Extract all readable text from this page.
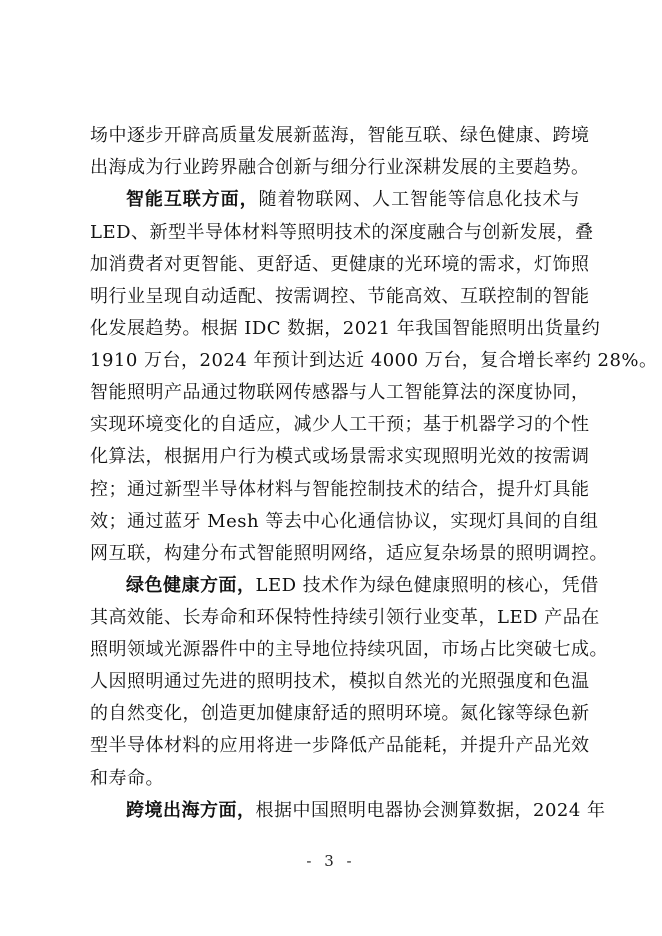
场中逐步开辟高质量发展新蓝海，智能互联、绿色健康、跨境
出海成为行业跨界融合创新与细分行业深耕发展的主要趋势。
智能互联方面，随着物联网、人工智能等信息化技术与
LED、新型半导体材料等照明技术的深度融合与创新发展，叠
加消费者对更智能、更舒适、更健康的光环境的需求，灯饰照
明行业呈现自动适配、按需调控、节能高效、互联控制的智能
化发展趋势。根据 IDC 数据，2021 年我国智能照明出货量约
1910 万台，2024 年预计到达近 4000 万台，复合增长率约 28%。
智能照明产品通过物联网传感器与人工智能算法的深度协同，
实现环境变化的自适应，减少人工干预；基于机器学习的个性
化算法，根据用户行为模式或场景需求实现照明光效的按需调
控；通过新型半导体材料与智能控制技术的结合，提升灯具能
效；通过蓝牙 Mesh 等去中心化通信协议，实现灯具间的自组
网互联，构建分布式智能照明网络，适应复杂场景的照明调控。
绿色健康方面，LED 技术作为绿色健康照明的核心，凭借
其高效能、长寿命和环保特性持续引领行业变革，LED 产品在
照明领域光源器件中的主导地位持续巩固，市场占比突破七成。
人因照明通过先进的照明技术，模拟自然光的光照强度和色温
的自然变化，创造更加健康舒适的照明环境。氮化镓等绿色新
型半导体材料的应用将进一步降低产品能耗，并提升产品光效
和寿命。
跨境出海方面，根据中国照明电器协会测算数据，2024 年
- 3 -
